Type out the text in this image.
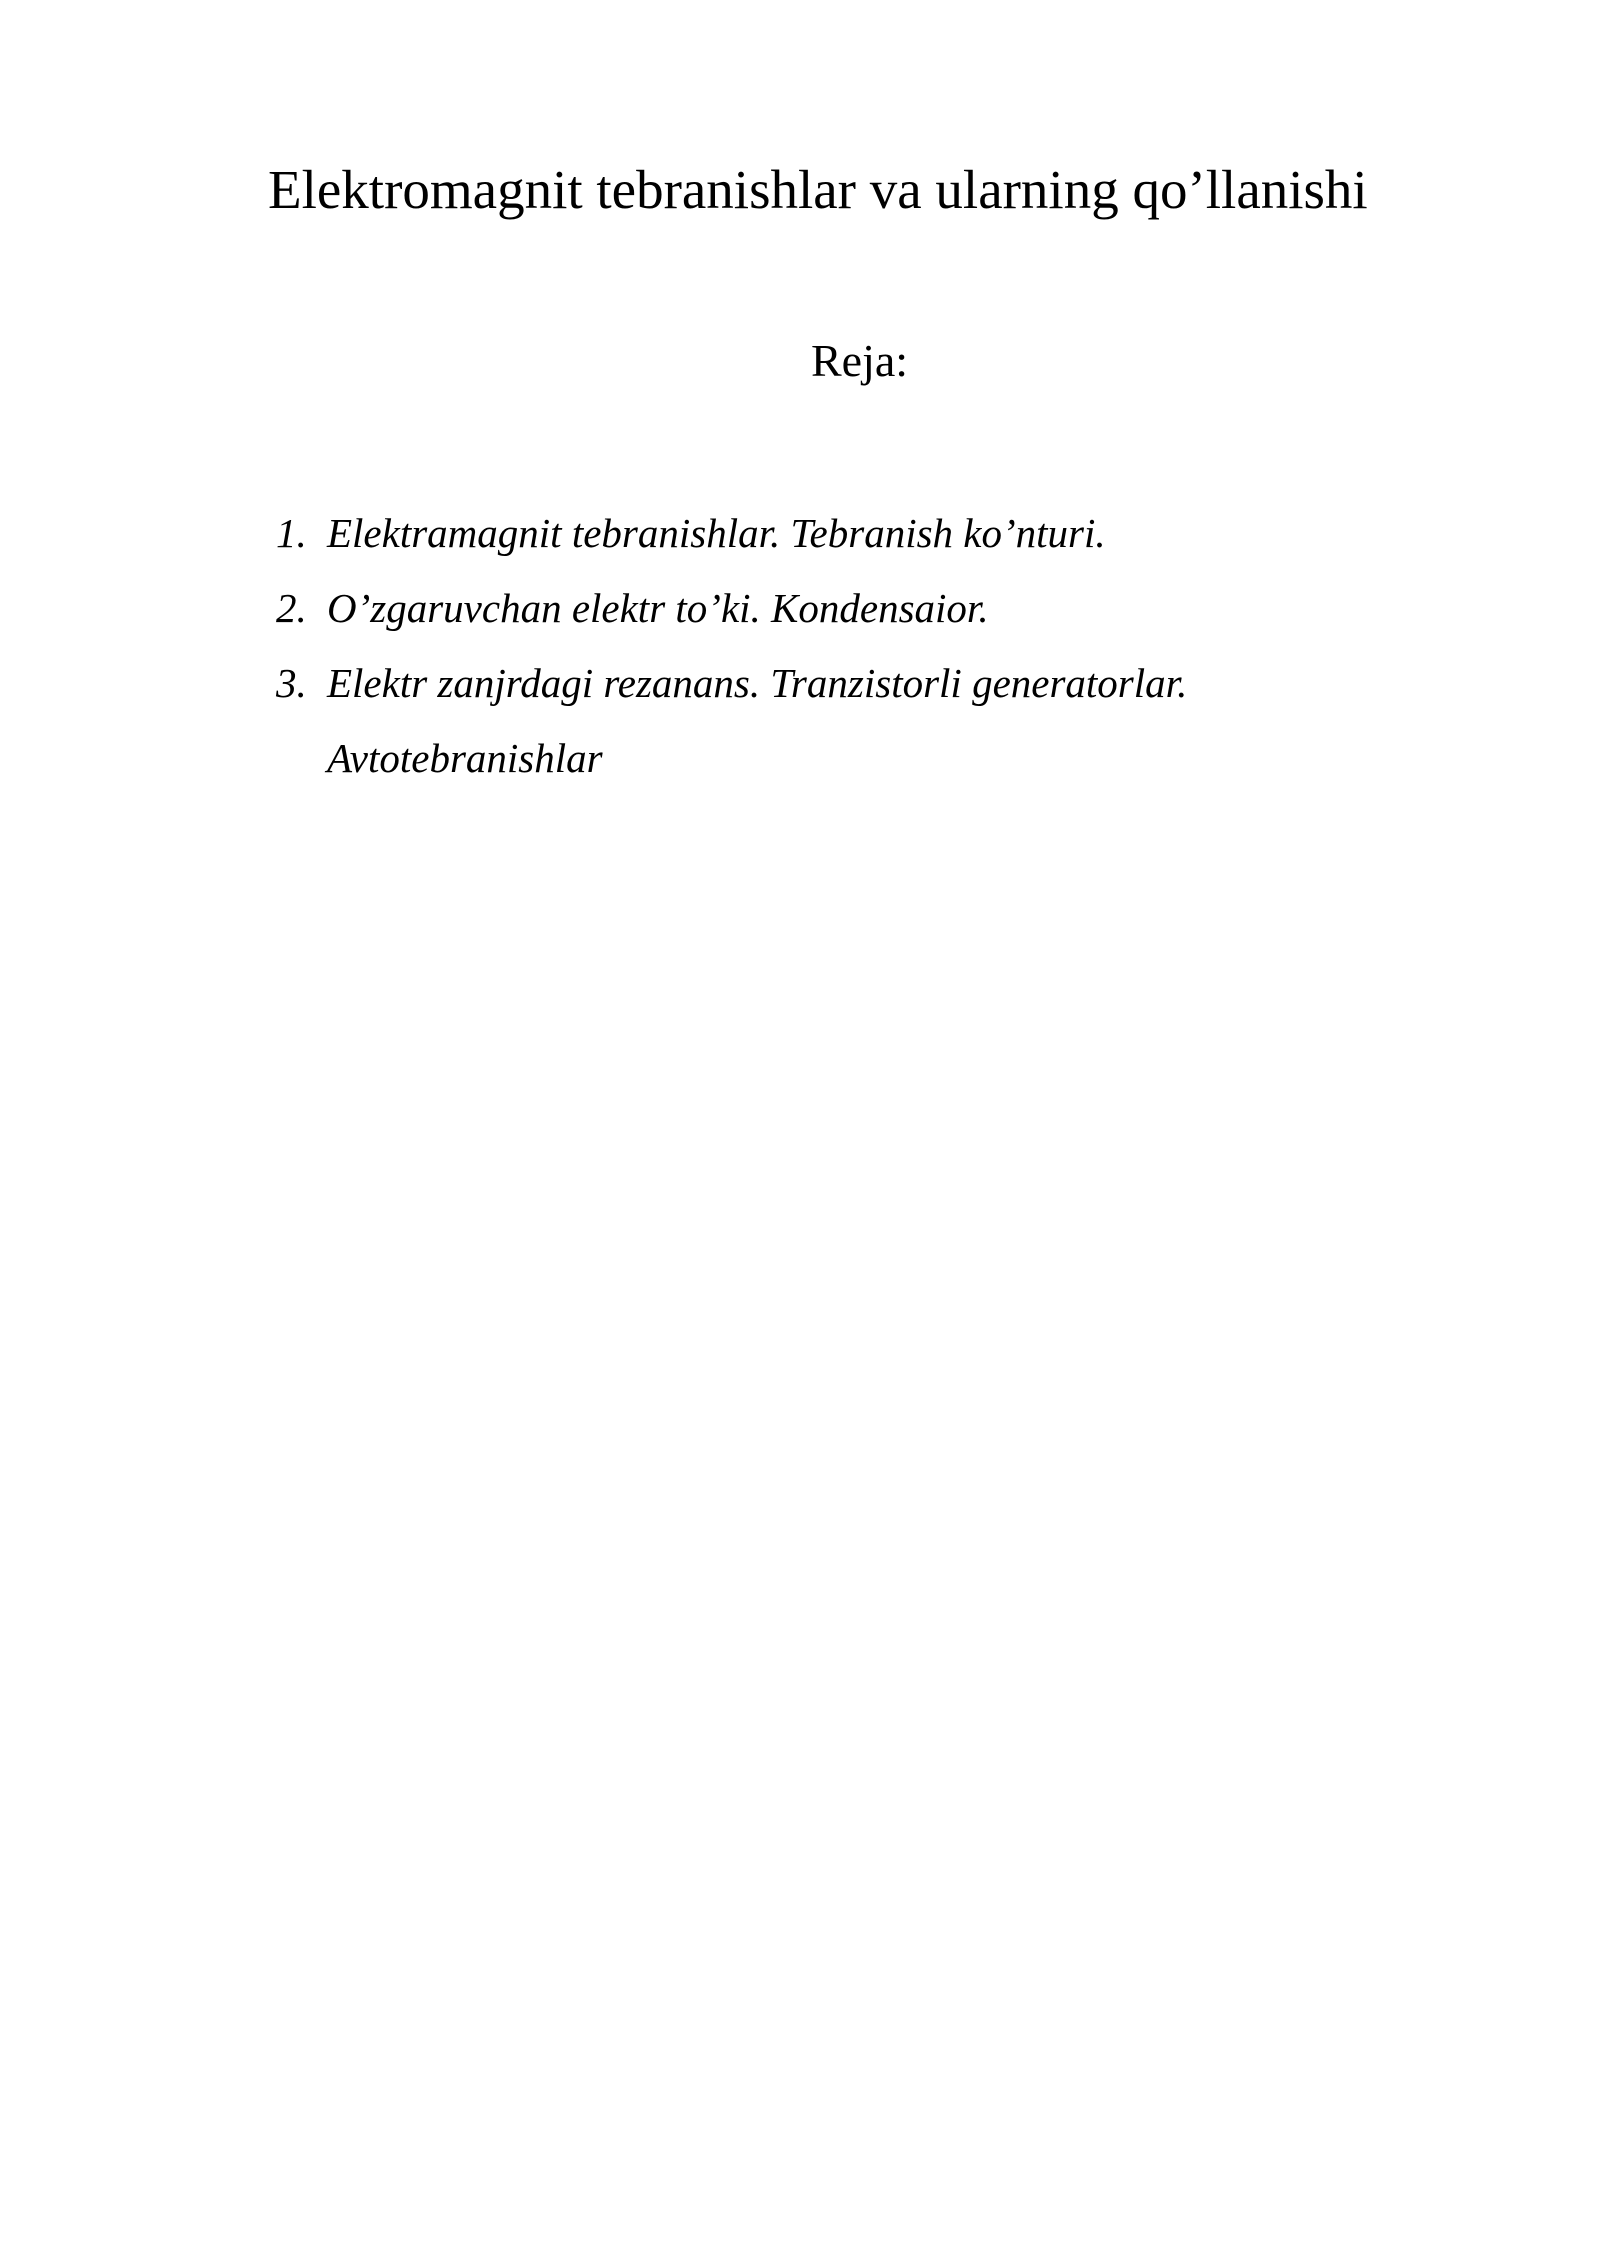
Elektromagnit tebranishlar va ularning qo’llanishi
Reja:
1. Elektramagnit tebranishlar. Tebranish ko’nturi.
2. O’zgaruvchan elektr to’ki. Kondensaior.
3. Elektr zanjrdagi rezanans. Tranzistorli generatorlar.
Avtotebranishlar
